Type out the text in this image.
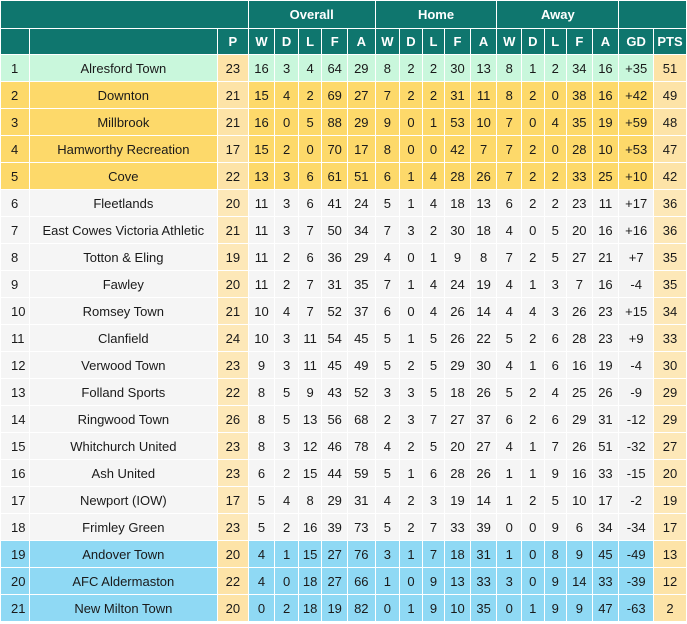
			Overall					Home					Away						
		P	W	D	L	F	A	W	D	L	F	A	W	D	L	F	A	GD	PTS
1	Alresford Town	23	16	3	4	64	29	8	2	2	30	13	8	1	2	34	16	+35	51
2	Downton	21	15	4	2	69	27	7	2	2	31	11	8	2	0	38	16	+42	49
3	Millbrook	21	16	0	5	88	29	9	0	1	53	10	7	0	4	35	19	+59	48
4	Hamworthy Recreation	17	15	2	0	70	17	8	0	0	42	7	7	2	0	28	10	+53	47
5	Cove	22	13	3	6	61	51	6	1	4	28	26	7	2	2	33	25	+10	42
6	Fleetlands	20	11	3	6	41	24	5	1	4	18	13	6	2	2	23	11	+17	36
7	East Cowes Victoria Athletic	21	11	3	7	50	34	7	3	2	30	18	4	0	5	20	16	+16	36
8	Totton & Eling	19	11	2	6	36	29	4	0	1	9	8	7	2	5	27	21	+7	35
9	Fawley	20	11	2	7	31	35	7	1	4	24	19	4	1	3	7	16	-4	35
10	Romsey Town	21	10	4	7	52	37	6	0	4	26	14	4	4	3	26	23	+15	34
11	Clanfield	24	10	3	11	54	45	5	1	5	26	22	5	2	6	28	23	+9	33
12	Verwood Town	23	9	3	11	45	49	5	2	5	29	30	4	1	6	16	19	-4	30
13	Folland Sports	22	8	5	9	43	52	3	3	5	18	26	5	2	4	25	26	-9	29
14	Ringwood Town	26	8	5	13	56	68	2	3	7	27	37	6	2	6	29	31	-12	29
15	Whitchurch United	23	8	3	12	46	78	4	2	5	20	27	4	1	7	26	51	-32	27
16	Ash United	23	6	2	15	44	59	5	1	6	28	26	1	1	9	16	33	-15	20
17	Newport (IOW)	17	5	4	8	29	31	4	2	3	19	14	1	2	5	10	17	-2	19
18	Frimley Green	23	5	2	16	39	73	5	2	7	33	39	0	0	9	6	34	-34	17
19	Andover Town	20	4	1	15	27	76	3	1	7	18	31	1	0	8	9	45	-49	13
20	AFC Aldermaston	22	4	0	18	27	66	1	0	9	13	33	3	0	9	14	33	-39	12
21	New Milton Town	20	0	2	18	19	82	0	1	9	10	35	0	1	9	9	47	-63	2
